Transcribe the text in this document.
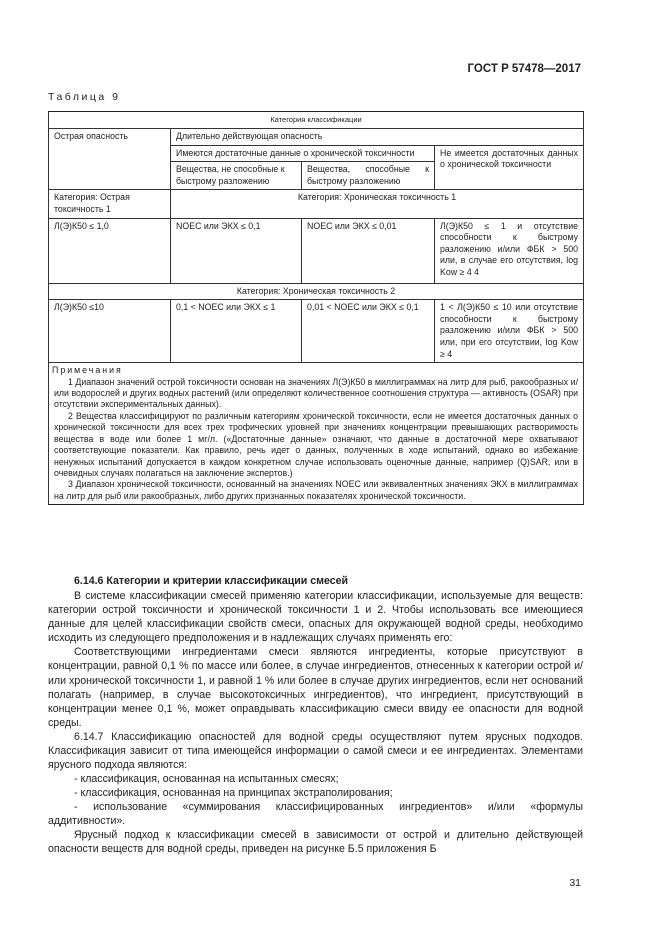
ГОСТ Р 57478—2017
Таблица 9
Категория классификации			
Острая опасность	Длительно действующая опасность		
	Имеются достаточные данные о хронической токсичности		Не имеется достаточных данных о хронической токсичности
	Вещества, не способные к быстрому разложению	Вещества, способные к быстрому разложению	
Категория: Острая токсичность 1	Категория: Хроническая токсичность 1		
Л(Э)К50 ≤ 1,0	NOEC или ЭКX ≤ 0,1	NOEC или ЭКX ≤ 0,01	Л(Э)К50 ≤ 1 и отсутствие способности к быстрому разложению и/или ФБК > 500 или, в случае его отсутствия, log Kow ≥ 4 4
Категория: Хроническая токсичность 2			
Л(Э)К50 ≤10	0,1 < NOEC или ЭКX ≤ 1	0,01 < NOEC или ЭКX ≤ 0,1	1 < Л(Э)К50 ≤ 10 или отсутствие способности к быстрому разложению и/или ФБК > 500 или, при его отсутствии, log Kow ≥ 4

Примечания

1 Диапазон значений острой токсичности основан на значениях Л(Э)К50 в миллиграммах на литр для рыб, ракообразных и/или водорослей и других водных растений (или определяют количественное соотношения структура — активность (OSAR) при отсутствии экспериментальных данных).

2 Вещества классифицируют по различным категориям хронической токсичности, если не имеется достаточных данных о хронической токсичности для всех трех трофических уровней при значениях концентрации превышающих растворимость вещества в воде или более 1 мг/л. («Достаточные данные» означают, что данные в достаточной мере охватывают соответствующие показатели. Как правило, речь идет о данных, полученных в ходе испытаний, однако во избежание ненужных испытаний допускается в каждом конкретном случае использовать оценочные данные, например (Q)SAR, или в очевидных случаях полагаться на заключение экспертов.)

3 Диапазон хронической токсичности, основанный на значениях NOEC или эквивалентных значениях ЭКX в миллиграммах на литр для рыб или ракообразных, либо других признанных показателях хронической токсичности.			

6.14.6 Категории и критерии классификации смесей

В системе классификации смесей применяю категории классификации, используемые для веществ: категории острой токсичности и хронической токсичности 1 и 2. Чтобы использовать все имеющиеся данные для целей классификации свойств смеси, опасных для окружающей водной среды, необходимо исходить из следующего предположения и в надлежащих случаях применять его:

Соответствующими ингредиентами смеси являются ингредиенты, которые присутствуют в концентрации, равной 0,1 % по массе или более, в случае ингредиентов, отнесенных к категории острой и/или хронической токсичности 1, и равной 1 % или более в случае других ингредиентов, если нет оснований полагать (например, в случае высокотоксичных ингредиентов), что ингредиент, присутствующий в концентрации менее 0,1 %, может оправдывать классификацию смеси ввиду ее опасности для водной среды.

6.14.7 Классификацию опасностей для водной среды осуществляют путем ярусных подходов. Классификация зависит от типа имеющейся информации о самой смеси и ее ингредиентах. Элементами ярусного подхода являются:

- классификация, основанная на испытанных смесях;

- классификация, основанная на принципах экстраполирования;

- использование «суммирования классифицированных ингредиентов» и/или «формулы аддитивности».

Ярусный подход к классификации смесей в зависимости от острой и длительно действующей опасности веществ для водной среды, приведен на рисунке Б.5 приложения Б

31
